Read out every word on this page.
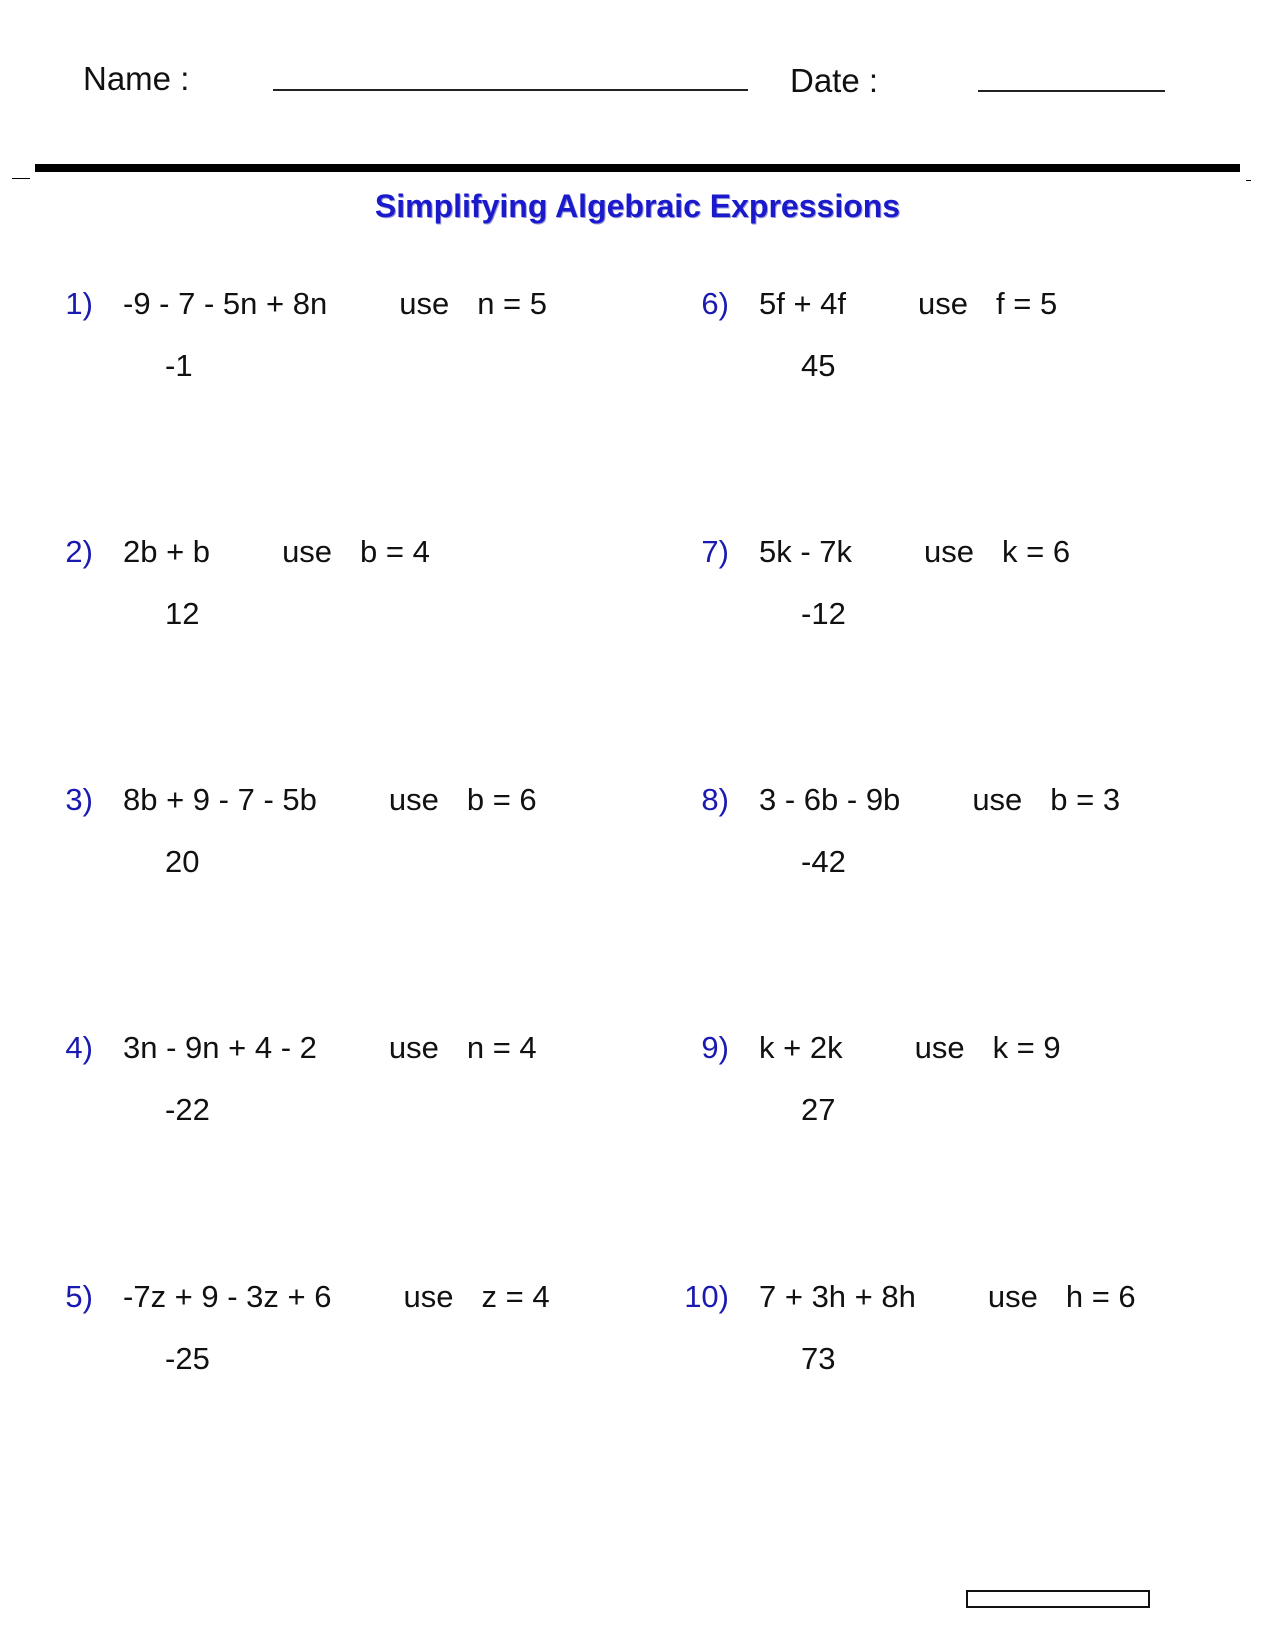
Name :	Date :
Simplifying Algebraic Expressions
1) -9 - 7 - 5n + 8n use n = 5
-1
2) 2b + b use b = 4
12
3) 8b + 9 - 7 - 5b use b = 6
20
4) 3n - 9n + 4 - 2 use n = 4
-22
5) -7z + 9 - 3z + 6 use z = 4
-25
6) 5f + 4f use f = 5
45
7) 5k - 7k use k = 6
-12
8) 3 - 6b - 9b use b = 3
-42
9) k + 2k use k = 9
27
10) 7 + 3h + 8h use h = 6
73
